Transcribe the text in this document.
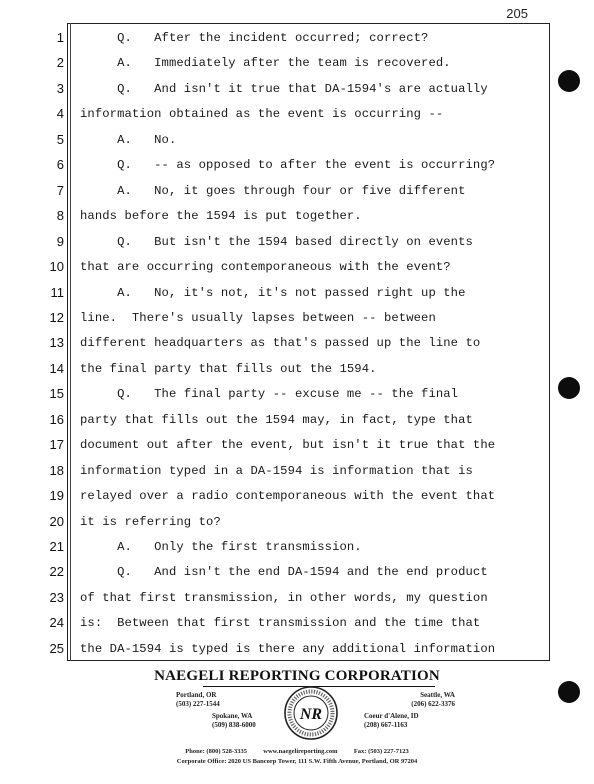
205
1 Q.   After the incident occurred; correct?
2 A.   Immediately after the team is recovered.
3 Q.   And isn't it true that DA-1594's are actually
4 information obtained as the event is occurring --
5 A.   No.
6 Q.   -- as opposed to after the event is occurring?
7 A.   No, it goes through four or five different
8 hands before the 1594 is put together.
9 Q.   But isn't the 1594 based directly on events
10 that are occurring contemporaneous with the event?
11 A.   No, it's not, it's not passed right up the
12 line.  There's usually lapses between -- between
13 different headquarters as that's passed up the line to
14 the final party that fills out the 1594.
15 Q.   The final party -- excuse me -- the final
16 party that fills out the 1594 may, in fact, type that
17 document out after the event, but isn't it true that the
18 information typed in a DA-1594 is information that is
19 relayed over a radio contemporaneous with the event that
20 it is referring to?
21 A.   Only the first transmission.
22 Q.   And isn't the end DA-1594 and the end product
23 of that first transmission, in other words, my question
24 is:  Between that first transmission and the time that
25 the DA-1594 is typed is there any additional information
NAEGELI REPORTING CORPORATION
Portland, OR
(503) 227-1544
Seattle, WA
(206) 622-3376
Spokane, WA
(509) 838-6000
Coeur d'Alene, ID
(208) 667-1163
NR
Phone: (800) 528-3335	www.naegelireporting.com	Fax: (503) 227-7123
Corporate Office: 2020 US Bancorp Tower, 111 S.W. Fifth Avenue, Portland, OR 97204
